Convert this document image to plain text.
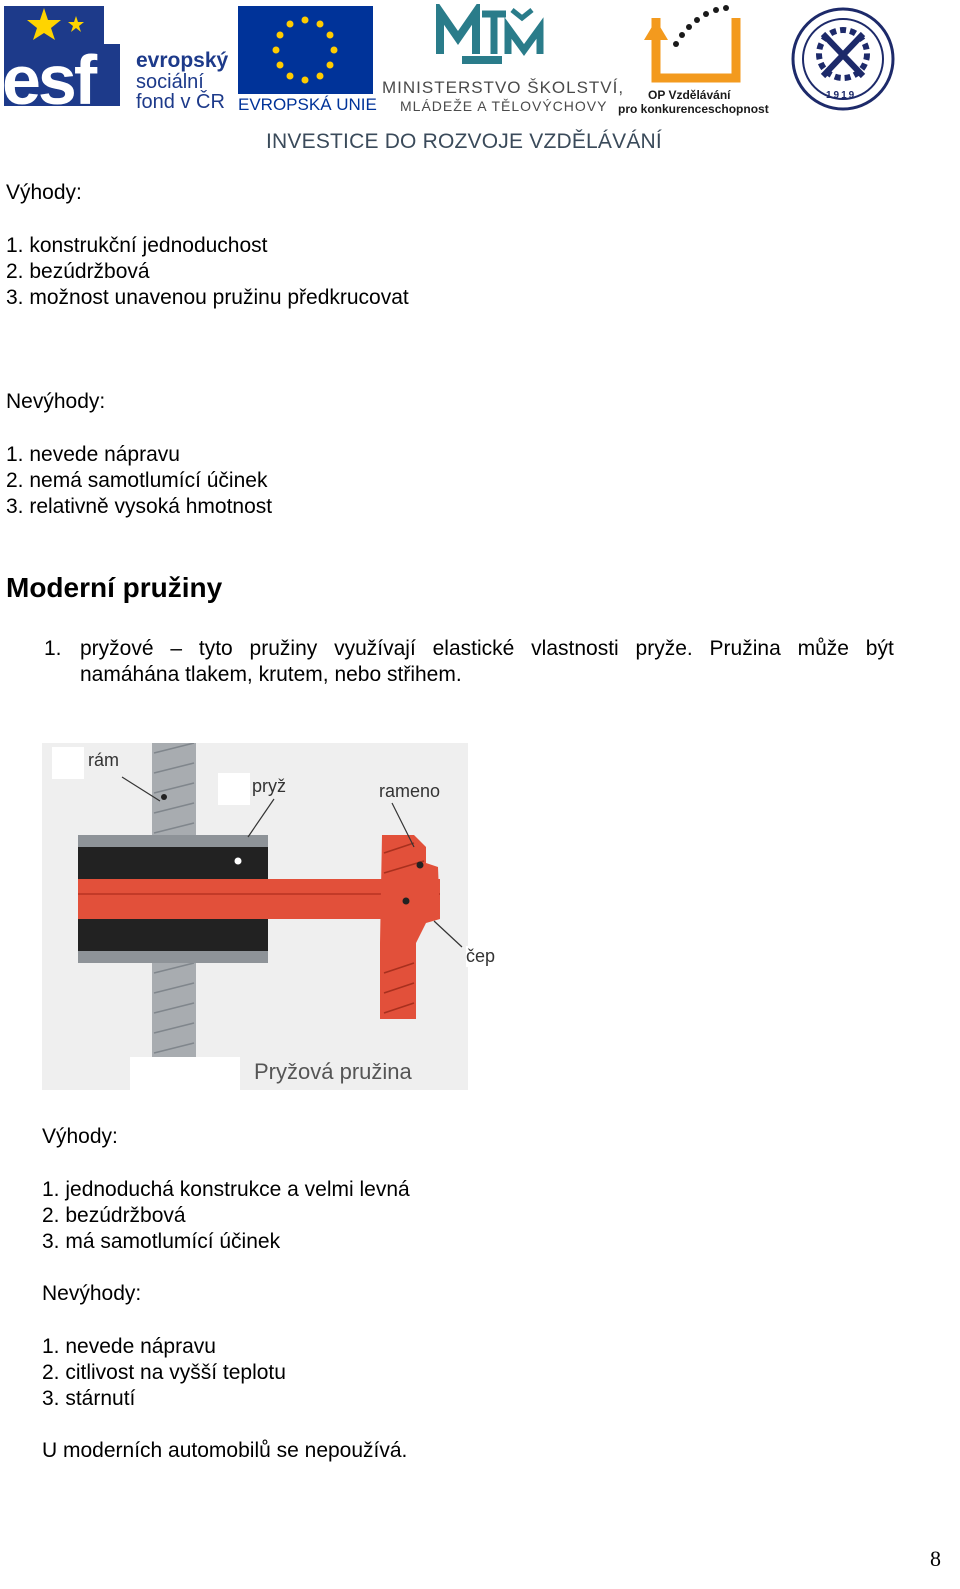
esf evropský
sociální
fond v ČR EVROPSKÁ UNIE
MINISTERSTVO ŠKOLSTVÍ,
MLÁDEŽE A TĚLOVÝCHOVY
2007-13
OP Vzdělávání
pro konkurenceschopnost
1919
INVESTICE DO ROZVOJE VZDĚLÁVÁNÍ
Výhody:
1. konstrukční jednoduchost
2. bezúdržbová
3. možnost unavenou pružinu předkrucovat
Nevýhody:
1. nevede nápravu
2. nemá samotlumící účinek
3. relativně vysoká hmotnost
Moderní pružiny
1. pryžové – tyto pružiny využívají elastické vlastnosti pryže. Pružina může být
namáhána tlakem, krutem, nebo střihem.
rám
pryž	rameno
čep
Pryžová pružina
Výhody:
1. jednoduchá konstrukce a velmi levná
2. bezúdržbová
3. má samotlumící účinek
Nevýhody:
1. nevede nápravu
2. citlivost na vyšší teplotu
3. stárnutí
U moderních automobilů se nepoužívá.
8
